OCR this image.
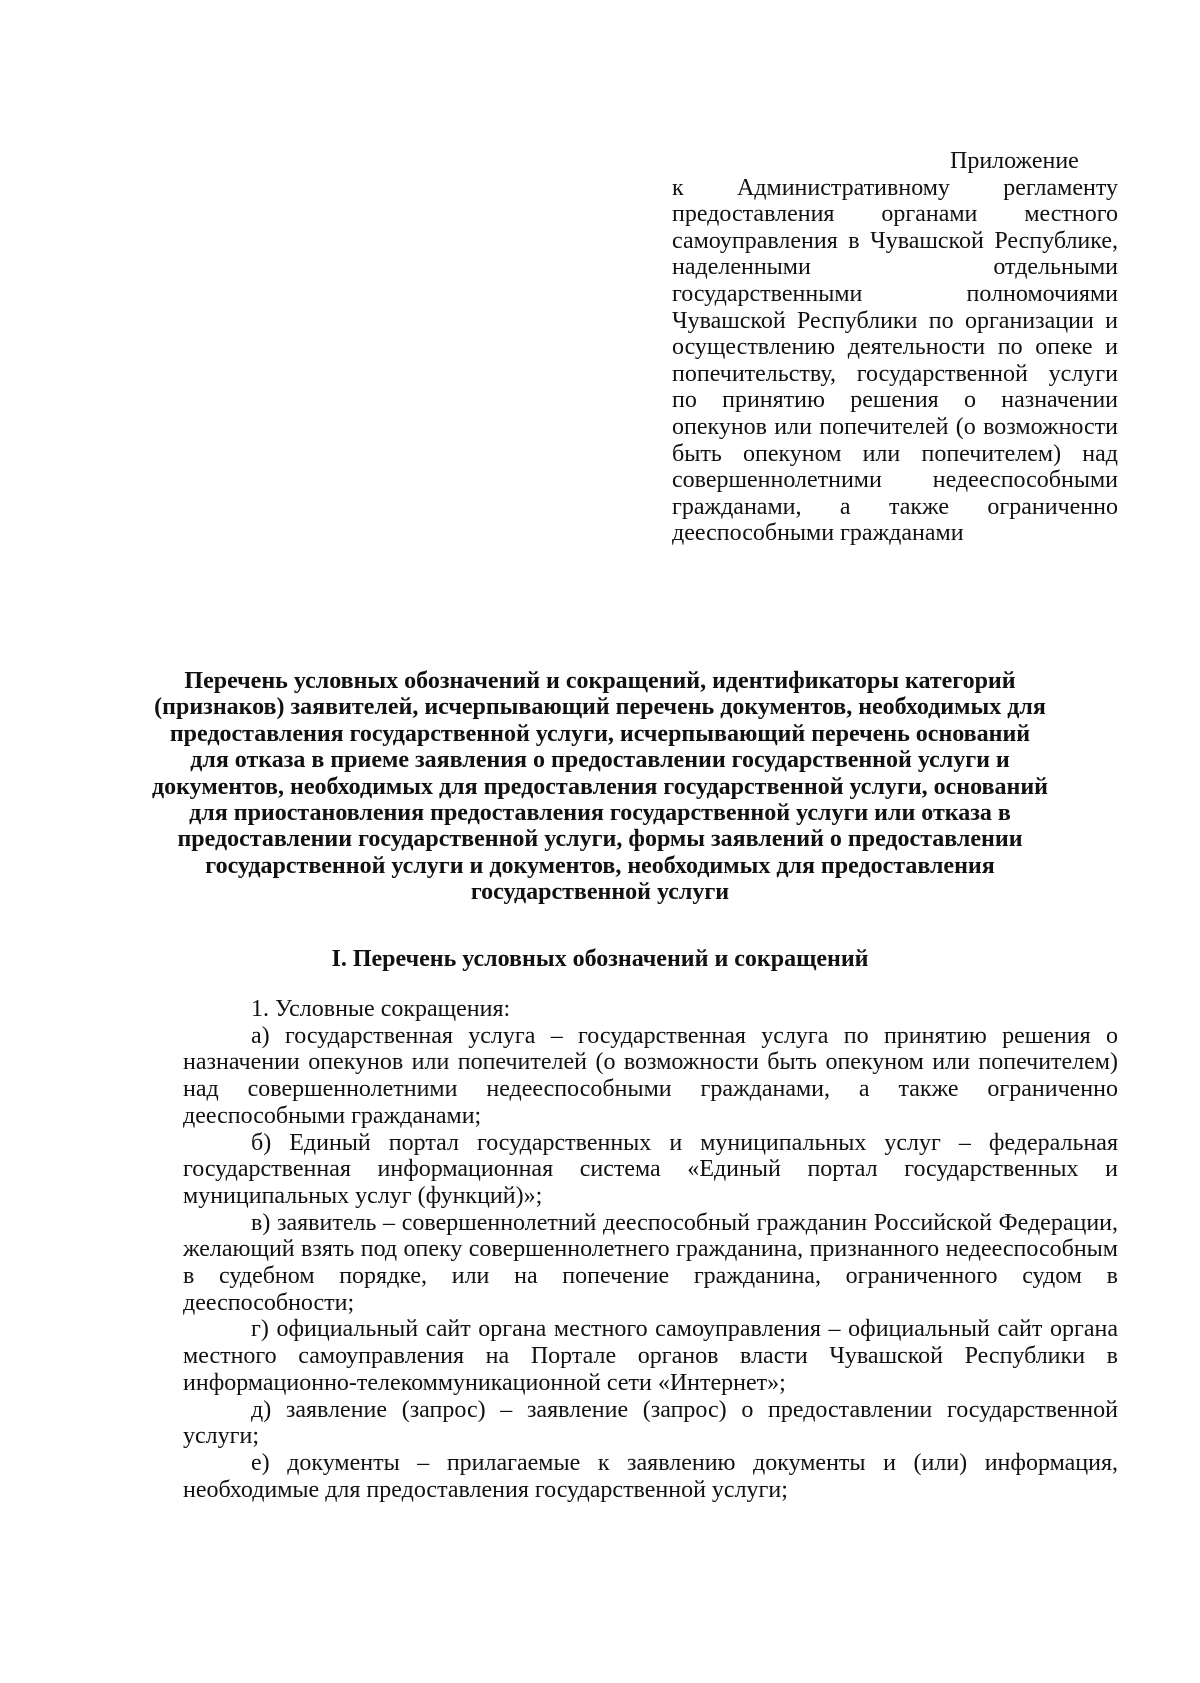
Приложение
к Административному регламенту предоставления органами местного самоуправления в Чувашской Республике, наделенными отдельными государственными полномочиями Чувашской Республики по организации и осуществлению деятельности по опеке и попечительству, государственной услуги по принятию решения о назначении опекунов или попечителей (о возможности быть опекуном или попечителем) над совершеннолетними недееспособными гражданами, а также ограниченно дееспособными гражданами
Перечень условных обозначений и сокращений, идентификаторы категорий (признаков) заявителей, исчерпывающий перечень документов, необходимых для предоставления государственной услуги, исчерпывающий перечень оснований для отказа в приеме заявления о предоставлении государственной услуги и документов, необходимых для предоставления государственной услуги, оснований для приостановления предоставления государственной услуги или отказа в предоставлении государственной услуги, формы заявлений о предоставлении государственной услуги и документов, необходимых для предоставления государственной услуги
I. Перечень условных обозначений и сокращений

1. Условные сокращения:

а) государственная услуга – государственная услуга по принятию решения о назначении опекунов или попечителей (о возможности быть опекуном или попечителем) над совершеннолетними недееспособными гражданами, а также ограниченно дееспособными гражданами;

б) Единый портал государственных и муниципальных услуг – федеральная государственная информационная система «Единый портал государственных и муниципальных услуг (функций)»;

в) заявитель – совершеннолетний дееспособный гражданин Российской Федерации, желающий взять под опеку совершеннолетнего гражданина, признанного недееспособным в судебном порядке, или на попечение гражданина, ограниченного судом в дееспособности;

г) официальный сайт органа местного самоуправления – официальный сайт органа местного самоуправления на Портале органов власти Чувашской Республики в информационно-телекоммуникационной сети «Интернет»;

д) заявление (запрос) – заявление (запрос) о предоставлении государственной услуги;

е) документы – прилагаемые к заявлению документы и (или) информация, необходимые для предоставления государственной услуги;
